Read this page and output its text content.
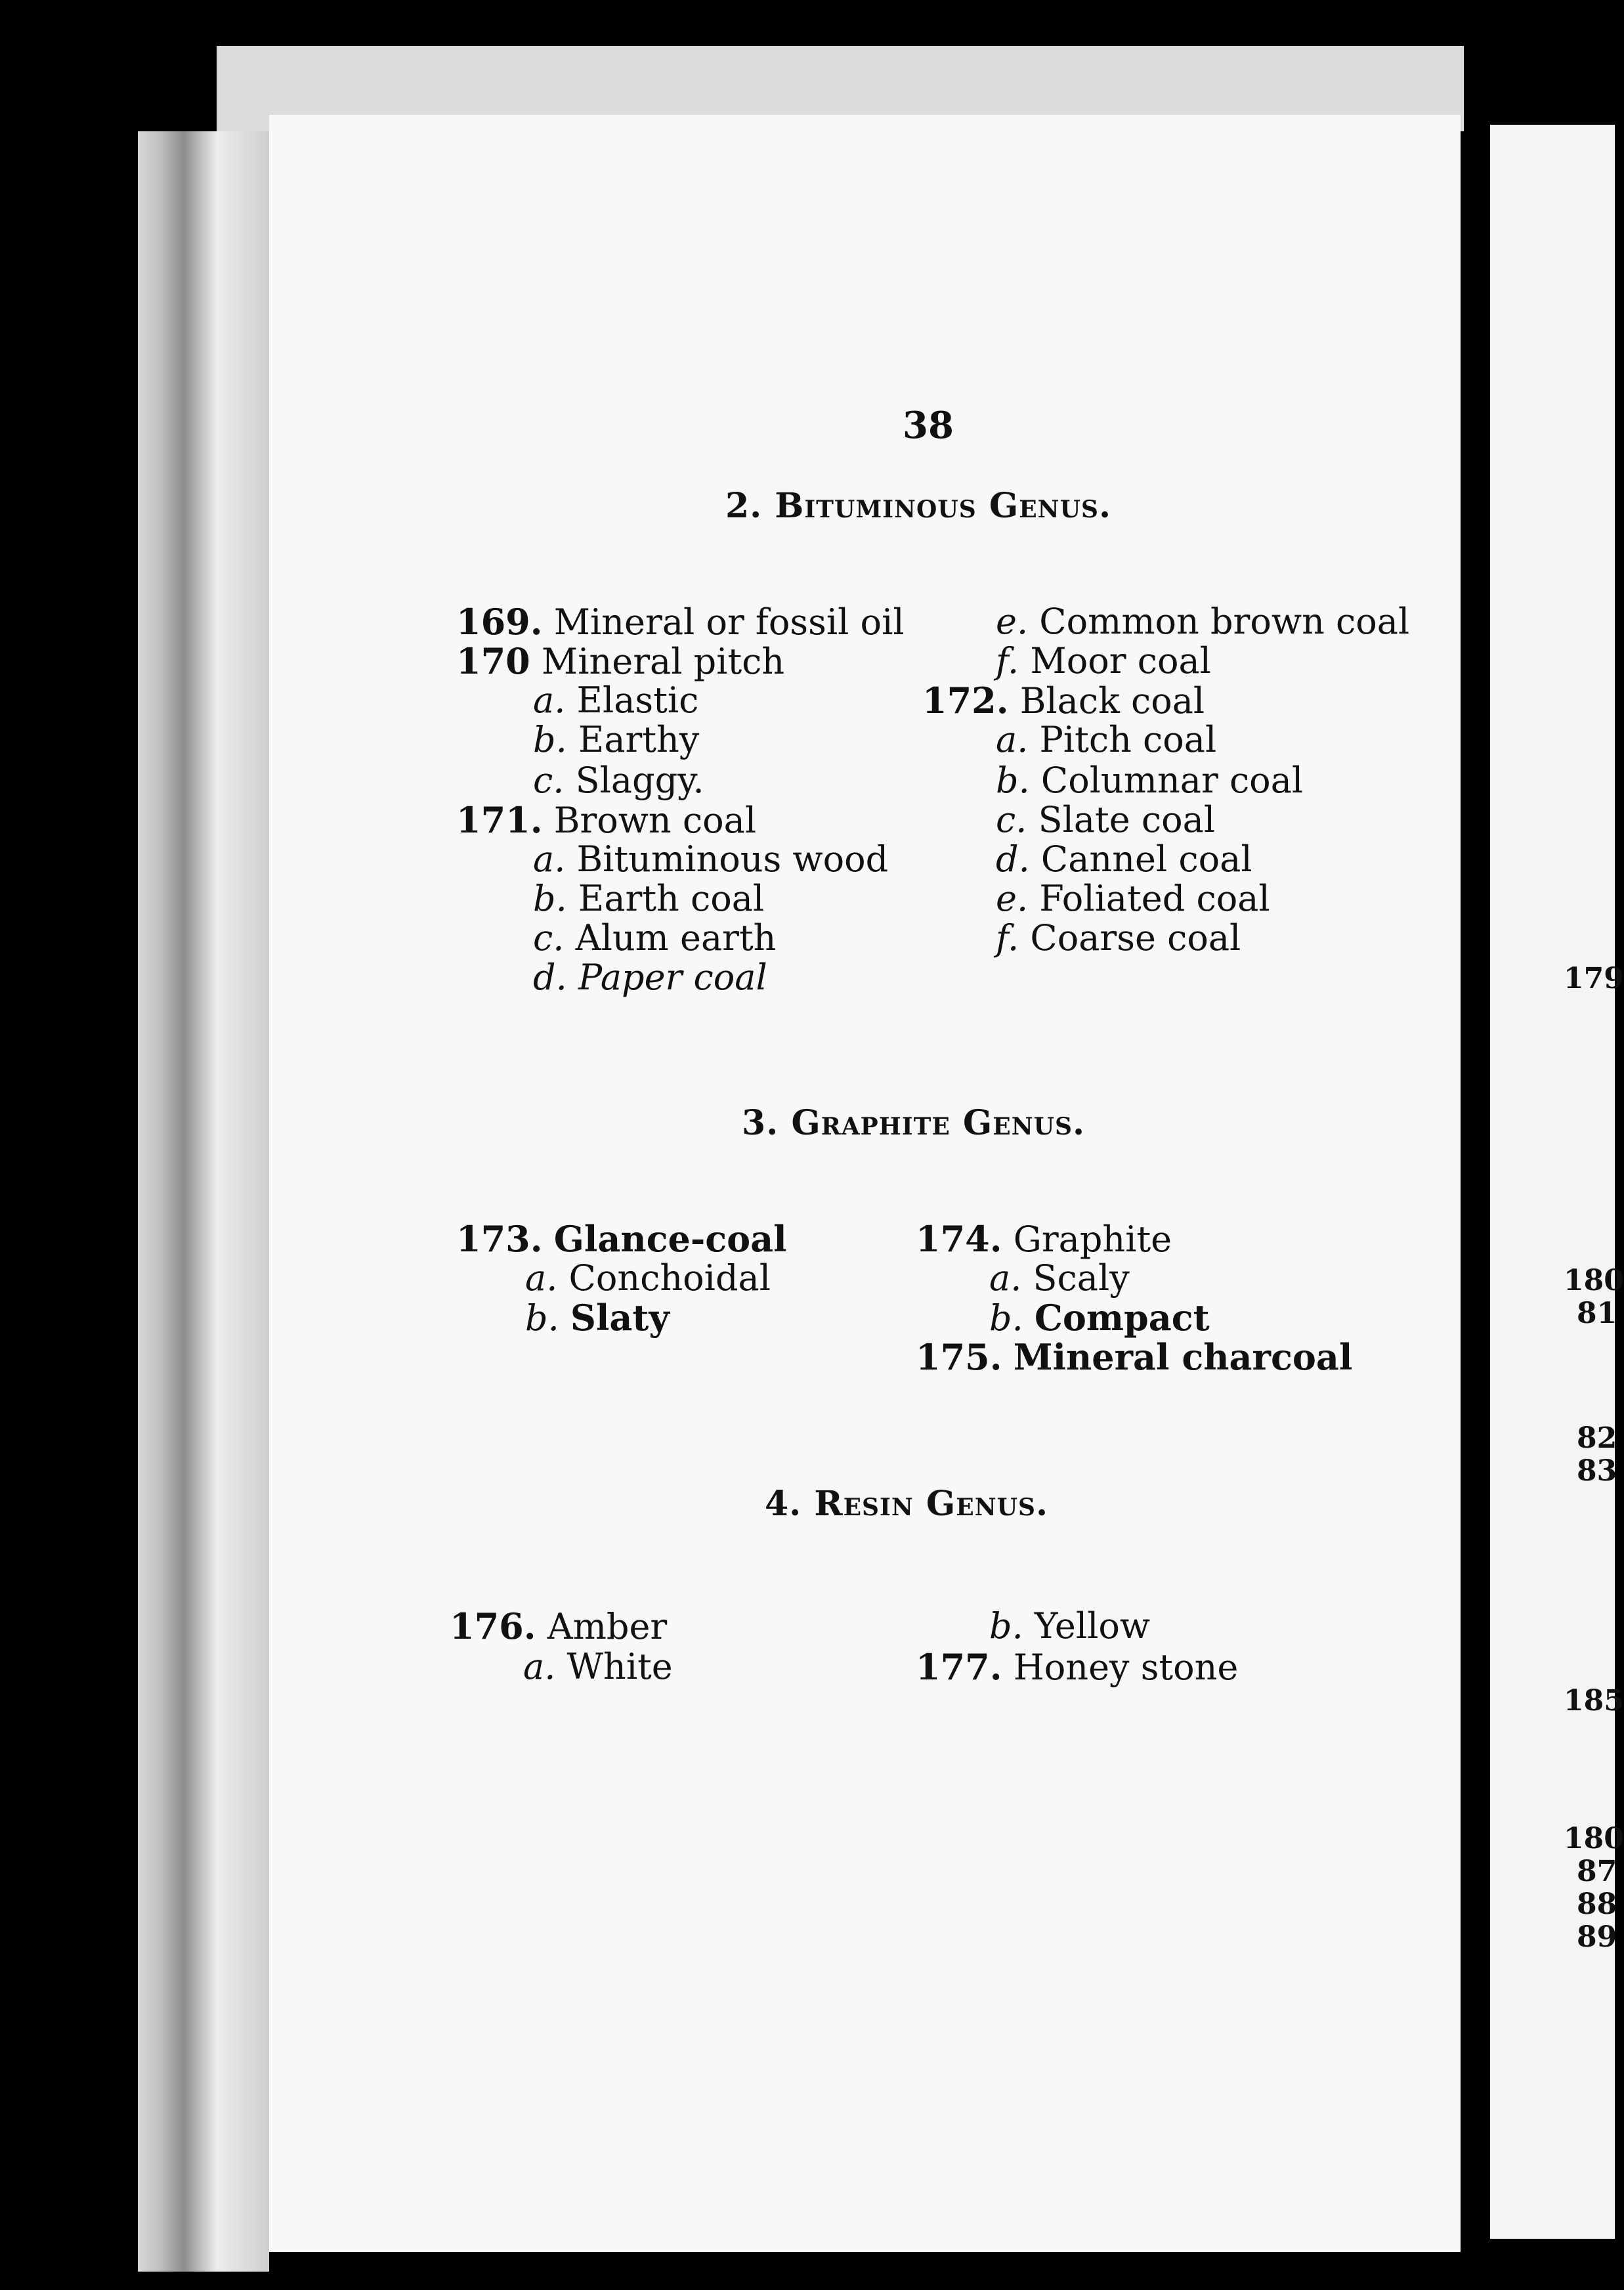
179
180
81
82
83
185
180
87
88
89
38
2. Bituminous Genus.
169. Mineral or fossil oil
170 Mineral pitch
a. Elastic
b. Earthy
c. Slaggy.
171. Brown coal
a. Bituminous wood
b. Earth coal
c. Alum earth
d. Paper coal
e. Common brown coal
f. Moor coal
172. Black coal
a. Pitch coal
b. Columnar coal
c. Slate coal
d. Cannel coal
e. Foliated coal
f. Coarse coal
3. Graphite Genus.
173. Glance-coal
a. Conchoidal
b. Slaty
174. Graphite
a. Scaly
b. Compact
175. Mineral charcoal
4. Resin Genus.
176. Amber
a. White
b. Yellow
177. Honey stone
